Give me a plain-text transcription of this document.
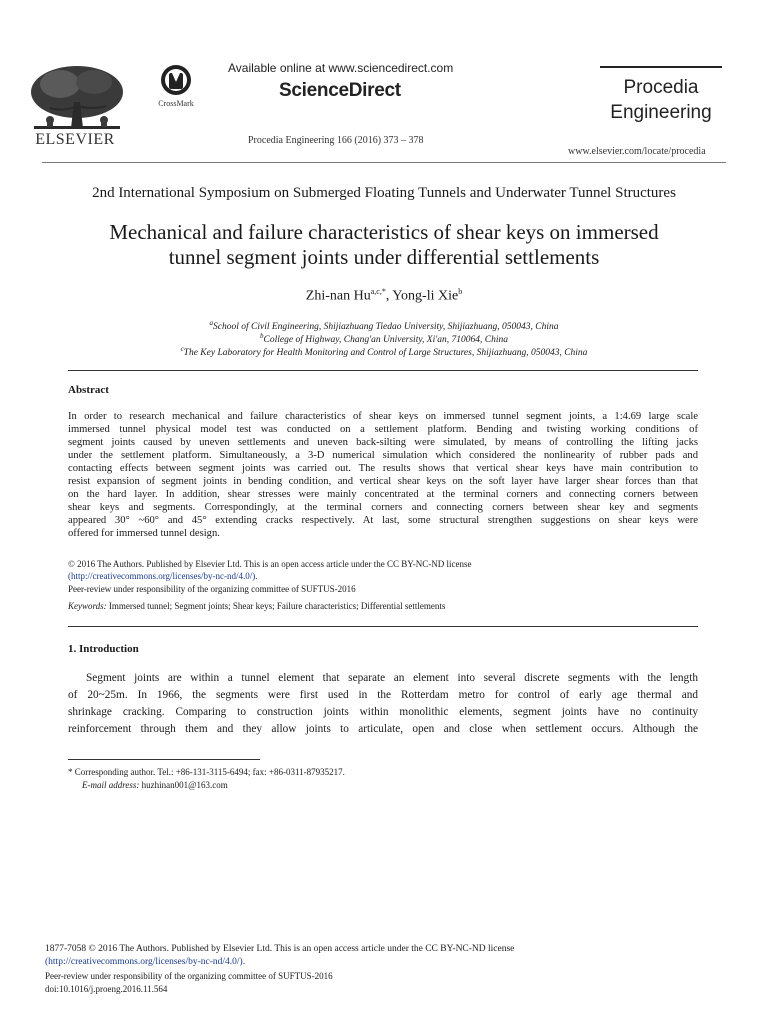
ELSEVIER
CrossMark
Available online at www.sciencedirect.com
ScienceDirect
Procedia Engineering 166 (2016) 373 – 378
Procedia
Engineering
www.elsevier.com/locate/procedia
2nd International Symposium on Submerged Floating Tunnels and Underwater Tunnel Structures
Mechanical and failure characteristics of shear keys on immersed
tunnel segment joints under differential settlements
Zhi-nan $Hu^{a,c,*}$, Yong-li Xie$^b$
$^a$School of Civil Engineering, Shijiazhuang Tiedao University, Shijiazhuang, 050043, China
$^b$College of Highway, Chang'an University, Xi'an, 710064, China
$^c$The Key Laboratory for Health Monitoring and Control of Large Structures, Shijiazhuang, 050043, China
Abstract
In order to research mechanical and failure characteristics of shear keys on immersed tunnel segment joints, a 1:4.69 large scale
immersed tunnel physical model test was conducted on a settlement platform. Bending and twisting working conditions of
segment joints caused by uneven settlements and uneven back-silting were simulated, by means of controlling the lifting jacks
under the settlement platform. Simultaneously, a 3-D numerical simulation which considered the nonlinearity of rubber pads and
contacting effects between segment joints was carried out. The results shows that vertical shear keys have main contribution to
resist expansion of segment joints in bending condition, and vertical shear keys on the soft layer have larger shear forces than that
on the hard layer. In addition, shear stresses were mainly concentrated at the terminal corners and connecting corners between
shear keys and segments. Correspondingly, at the terminal corners and connecting corners between shear key and segments
appeared 30° ~60° and 45° extending cracks respectively. At last, some structural strengthen suggestions on shear keys were
offered for immersed tunnel design.
© 2016 The Authors. Published by Elsevier Ltd. This is an open access article under the CC BY-NC-ND license
(http://creativecommons.org/licenses/by-nc-nd/4.0/).
Peer-review under responsibility of the organizing committee of SUFTUS-2016
Keywords: Immersed tunnel; Segment joints; Shear keys; Failure characteristics; Differential settlements
1. Introduction
Segment joints are within a tunnel element that separate an element into several discrete segments with the length
of 20~25m. In 1966, the segments were first used in the Rotterdam metro for control of early age thermal and
shrinkage cracking. Comparing to construction joints within monolithic elements, segment joints have no continuity
reinforcement through them and they allow joints to articulate, open and close when settlement occurs. Although the
* Corresponding author. Tel.: +86-131-3115-6494; fax: +86-0311-87935217.
E-mail address: huzhinan001@163.com
1877-7058 © 2016 The Authors. Published by Elsevier Ltd. This is an open access article under the CC BY-NC-ND license
(http://creativecommons.org/licenses/by-nc-nd/4.0/).
Peer-review under responsibility of the organizing committee of SUFTUS-2016
doi:10.1016/j.proeng.2016.11.564
